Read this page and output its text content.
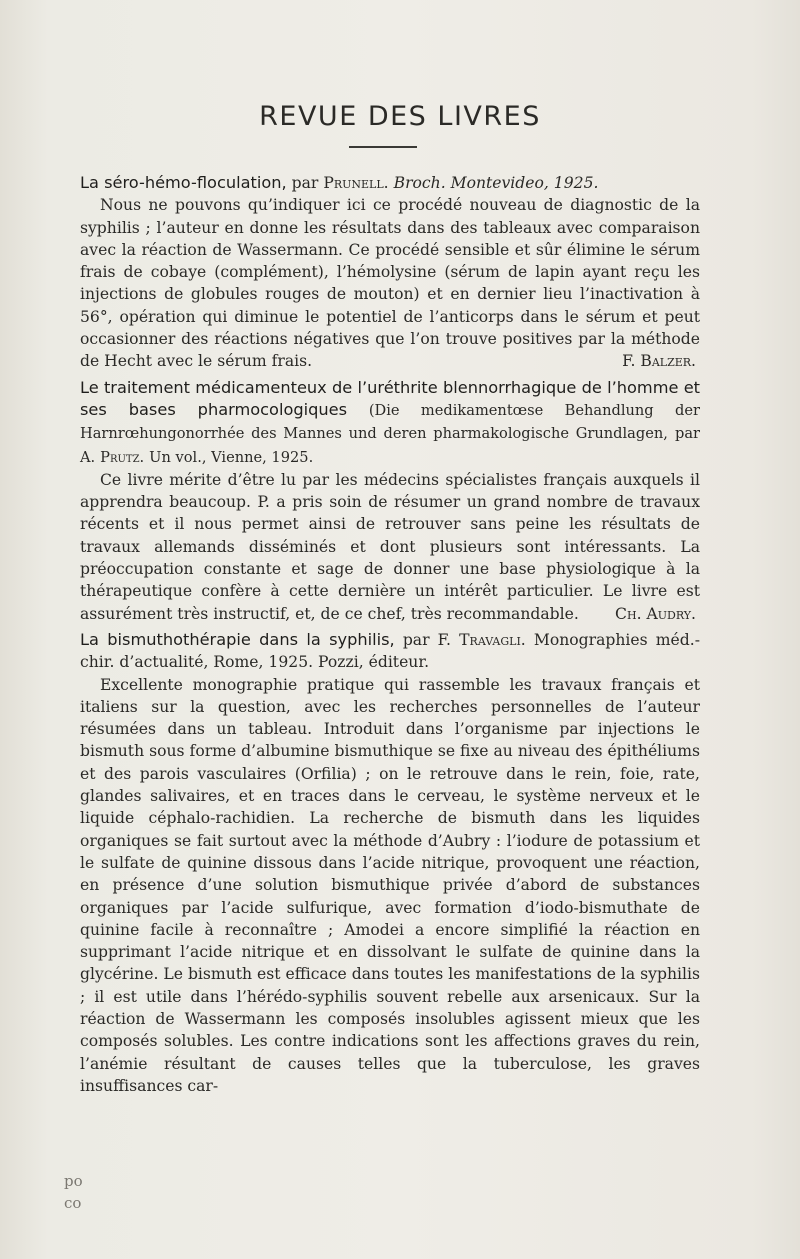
REVUE DES LIVRES

La séro-hémo-floculation, par Prunell. Broch. Montevideo, 1925.

Nous ne pouvons qu’indiquer ici ce procédé nouveau de diagnostic de la syphilis ; l’auteur en donne les résultats dans des tableaux avec comparaison avec la réaction de Wassermann. Ce procédé sensible et sûr élimine le sérum frais de cobaye (complément), l’hémolysine (sérum de lapin ayant reçu les injections de globules rouges de mouton) et en dernier lieu l’inactivation à 56°, opération qui diminue le potentiel de l’anticorps dans le sérum et peut occasionner des réactions négatives que l’on trouve positives par la méthode de Hecht avec le sérum frais.	F. Balzer.

Le traitement médicamenteux de l’uréthrite blennorrhagique de l’homme et ses bases pharmocologiques (Die medikamentœse Behandlung der Harnrœhungonorrhée des Mannes und deren pharmakologische Grundlagen, par A. Prutz. Un vol., Vienne, 1925.

Ce livre mérite d’être lu par les médecins spécialistes français auxquels il apprendra beaucoup. P. a pris soin de résumer un grand nombre de travaux récents et il nous permet ainsi de retrouver sans peine les résultats de travaux allemands disséminés et dont plusieurs sont intéressants. La préoccupation constante et sage de donner une base physiologique à la thérapeutique confère à cette dernière un intérêt particulier. Le livre est assurément très instructif, et, de ce chef, très recommandable.	Ch. Audry.

La bismuthothérapie dans la syphilis, par F. Travagli. Monographies méd.-chir. d’actualité, Rome, 1925. Pozzi, éditeur.

Excellente monographie pratique qui rassemble les travaux français et italiens sur la question, avec les recherches personnelles de l’auteur résumées dans un tableau. Introduit dans l’organisme par injections le bismuth sous forme d’albumine bismuthique se fixe au niveau des épithéliums et des parois vasculaires (Orfilia) ; on le retrouve dans le rein, foie, rate, glandes salivaires, et en traces dans le cerveau, le système nerveux et le liquide céphalo-rachidien. La recherche de bismuth dans les liquides organiques se fait surtout avec la méthode d’Aubry : l’iodure de potassium et le sulfate de quinine dissous dans l’acide nitrique, provoquent une réaction, en présence d’une solution bismuthique privée d’abord de substances organiques par l’acide sulfurique, avec formation d’iodo-bismuthate de quinine facile à reconnaître ; Amodei a encore simplifié la réaction en supprimant l’acide nitrique et en dissolvant le sulfate de quinine dans la glycérine. Le bismuth est efficace dans toutes les manifestations de la syphilis ; il est utile dans l’hérédo-syphilis souvent rebelle aux arsenicaux. Sur la réaction de Wassermann les composés insolubles agissent mieux que les composés solubles. Les contre indications sont les affections graves du rein, l’anémie résultant de causes telles que la tuberculose, les graves insuffisances car-

po
co
